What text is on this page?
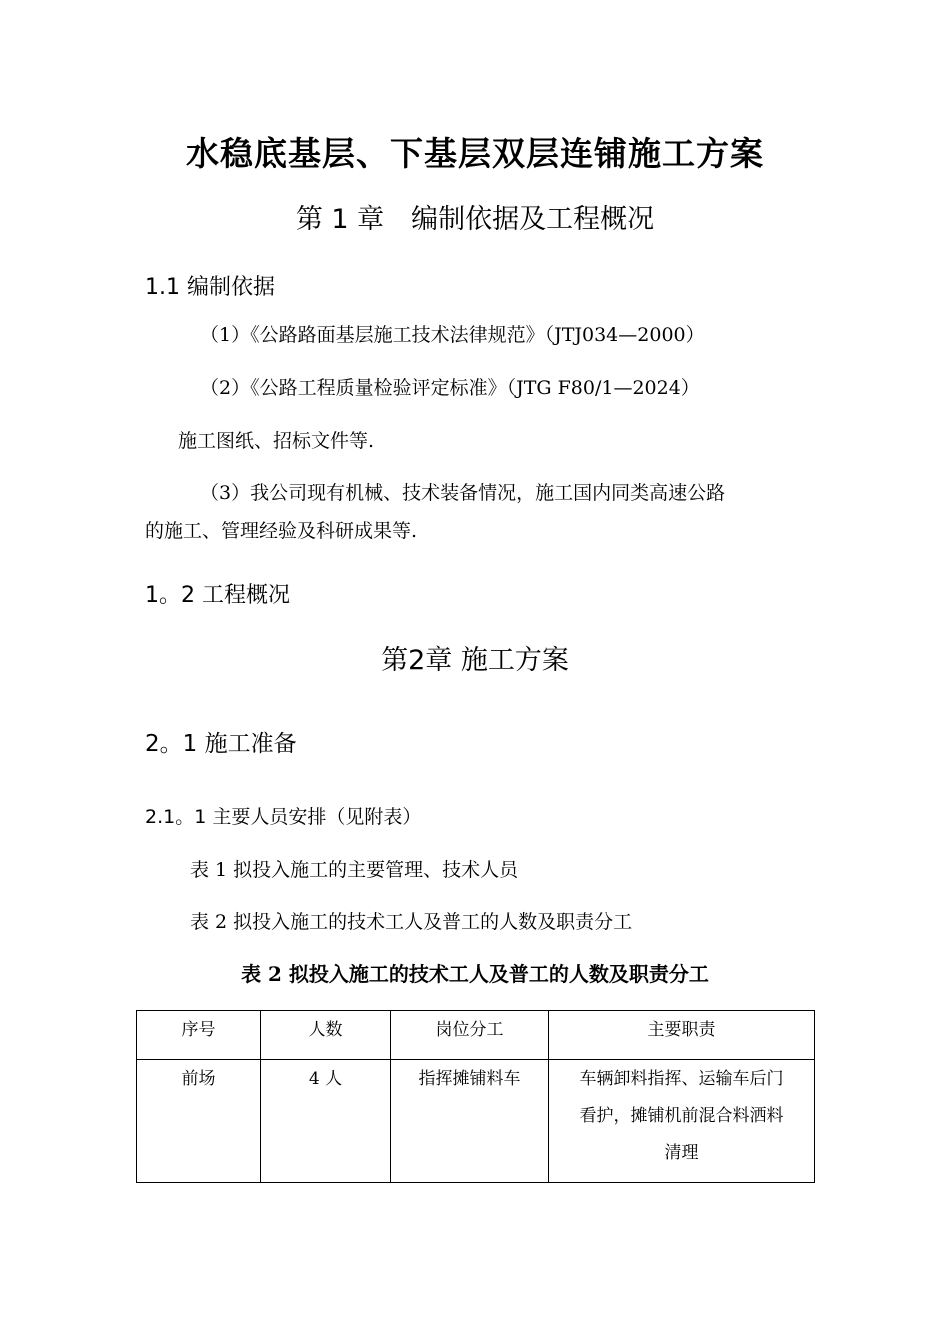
水稳底基层、下基层双层连铺施工方案
第 1 章　编制依据及工程概况
1.1 编制依据
（1）《公路路面基层施工技术法律规范》（JTJ034—2000）
（2）《公路工程质量检验评定标准》（JTG F80/1—2024）
施工图纸、招标文件等.
（3）我公司现有机械、技术装备情况，施工国内同类高速公路
的施工、管理经验及科研成果等.
1。2 工程概况
第2章 施工方案
2。1 施工准备
2.1。1 主要人员安排（见附表）
表 1 拟投入施工的主要管理、技术人员
表 2 拟投入施工的技术工人及普工的人数及职责分工
表 2 拟投入施工的技术工人及普工的人数及职责分工
序号	人数	岗位分工	主要职责
前场	4 人	指挥摊铺料车	车辆卸料指挥、运输车后门
看护，摊铺机前混合料洒料
清理
